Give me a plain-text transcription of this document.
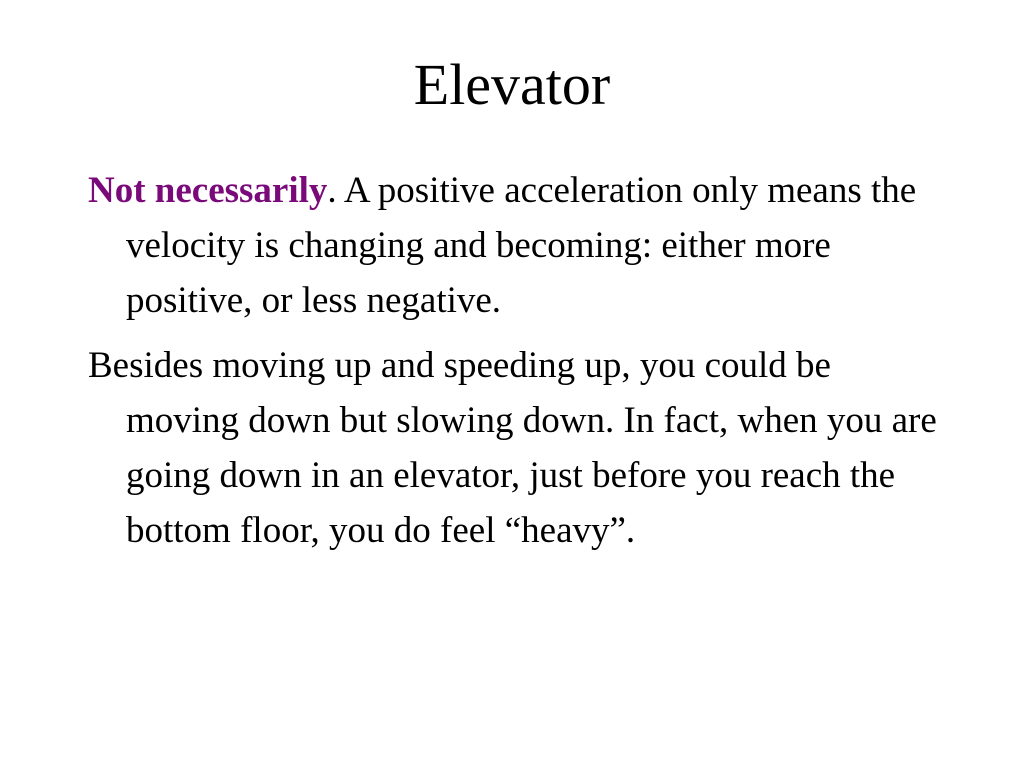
Elevator

Not necessarily. A positive acceleration only means the velocity is changing and becoming: either more positive, or less negative.

Besides moving up and speeding up, you could be moving down but slowing down. In fact, when you are going down in an elevator, just before you reach the bottom floor, you do feel “heavy”.
